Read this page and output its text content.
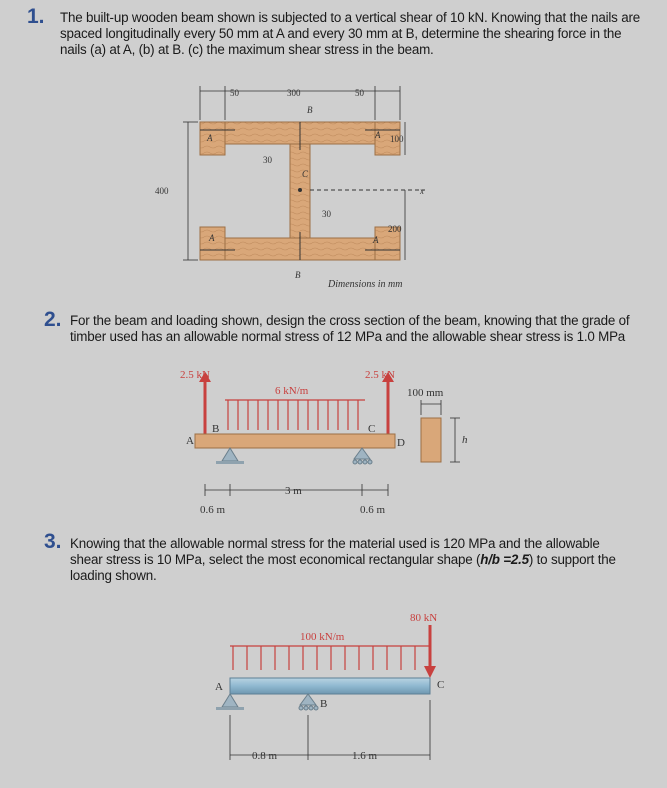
1. The built-up wooden beam shown is subjected to a vertical shear of 10 kN. Knowing that the nails are spaced longitudinally every 50 mm at A and every 30 mm at B, determine the shearing force in the nails (a) at A, (b) at B. (c) the maximum shear stress in the beam.
50	300	50
400
100
30
30
200
A	A
A	A
B
B
C
x
Dimensions in mm
2. For the beam and loading shown, design the cross section of the beam, knowing that the grade of timber used has an allowable normal stress of 12 MPa and the allowable shear stress is 1.0 MPa
2.5 kN	2.5 kN
6 kN/m	100 mm
A
B	C
D	h
0.6 m
3 m
0.6 m
3. Knowing that the allowable normal stress for the material used is 120 MPa and the allowable shear stress is 10 MPa, select the most economical rectangular shape (h/b =2.5) to support the loading shown.
80 kN
100 kN/m
A
B
C
0.8 m	1.6 m
